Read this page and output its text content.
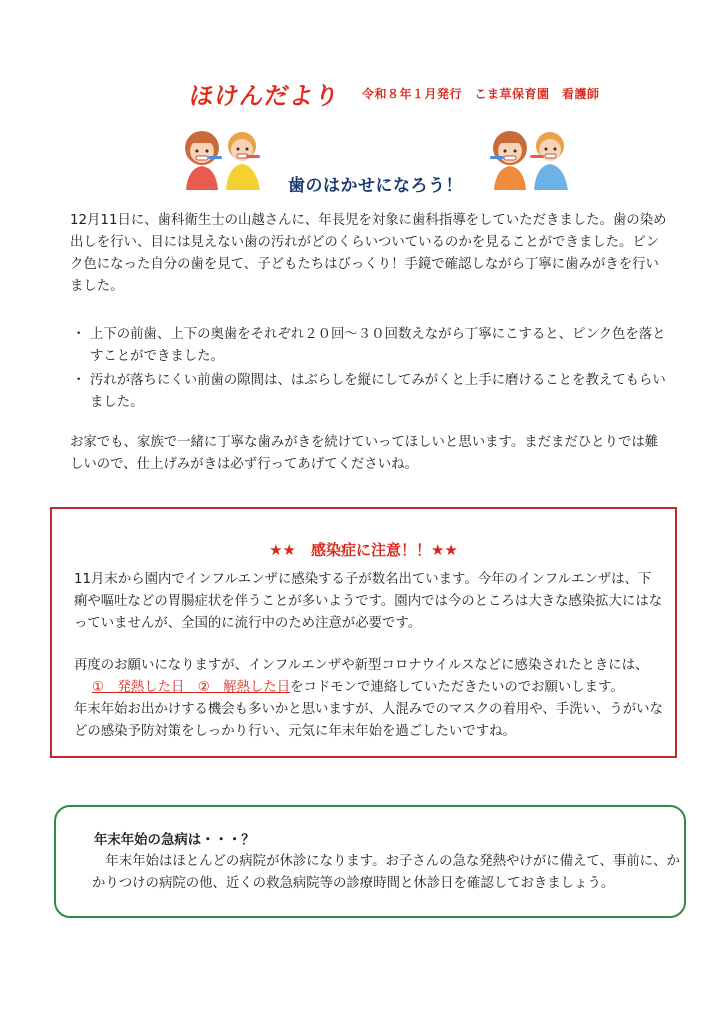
ほけんだより 令和８年１月発行　こま草保育園　看護師
歯のはかせになろう！

12月11日に、歯科衛生士の山越さんに、年長児を対象に歯科指導をしていただきました。歯の染め出しを行い、目には見えない歯の汚れがどのくらいついているのかを見ることができました。ピンク色になった自分の歯を見て、子どもたちはびっくり！手鏡で確認しながら丁寧に歯みがきを行いました。

・ 上下の前歯、上下の奥歯をそれぞれ２０回～３０回数えながら丁寧にこすると、ピンク色を落とすことができました。
・ 汚れが落ちにくい前歯の隙間は、はぶらしを縦にしてみがくと上手に磨けることを教えてもらいました。

お家でも、家族で一緒に丁寧な歯みがきを続けていってほしいと思います。まだまだひとりでは難しいので、仕上げみがきは必ず行ってあげてくださいね。

★★　感染症に注意！！★★

11月末から園内でインフルエンザに感染する子が数名出ています。今年のインフルエンザは、下痢や嘔吐などの胃腸症状を伴うことが多いようです。園内では今のところは大きな感染拡大にはなっていませんが、全国的に流行中のため注意が必要です。

再度のお願いになりますが、インフルエンザや新型コロナウイルスなどに感染されたときには、

①　発熱した日　②　解熱した日をコドモンで連絡していただきたいのでお願いします。

年末年始お出かけする機会も多いかと思いますが、人混みでのマスクの着用や、手洗い、うがいなどの感染予防対策をしっかり行い、元気に年末年始を過ごしたいですね。

年末年始の急病は・・・？

　年末年始はほとんどの病院が休診になります。お子さんの急な発熱やけがに備えて、事前に、かかりつけの病院の他、近くの救急病院等の診療時間と休診日を確認しておきましょう。
